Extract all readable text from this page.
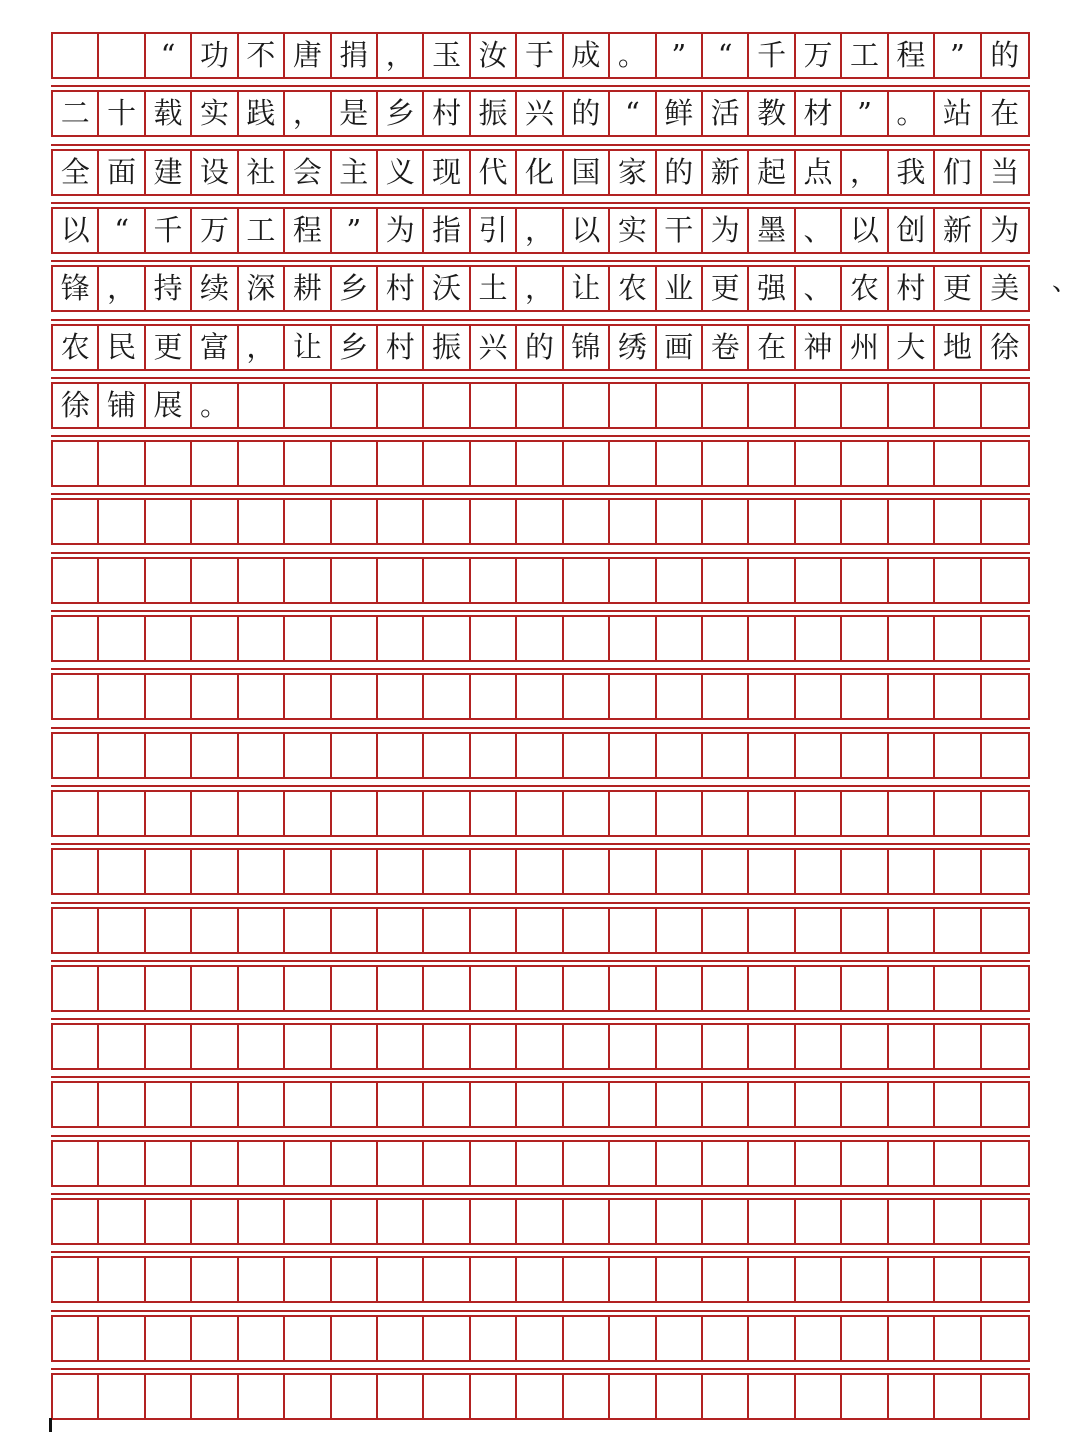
“ 功 不 唐 捐 ， 玉 汝 于 成 。 ”	“ 千 万 工 程 ” 的
二 十 载 实 践 ， 是 乡 村 振 兴 的 “ 鲜 活 教 材 ” 。 站 在
全 面 建 设 社 会 主 义 现 代 化 国 家 的 新 起 点 ， 我 们 当
以 “ 千 万 工 程 ” 为 指 引 ， 以 实 干 为 墨 、 以 创 新 为
锋 ， 持 续 深 耕 乡 村 沃 土 ， 让 农 业 更 强 、 农 村 更 美
农 民 更 富 ， 让 乡 村 振 兴 的 锦 绣 画 卷 在 神 州 大 地 徐
徐 铺 展 。
、
